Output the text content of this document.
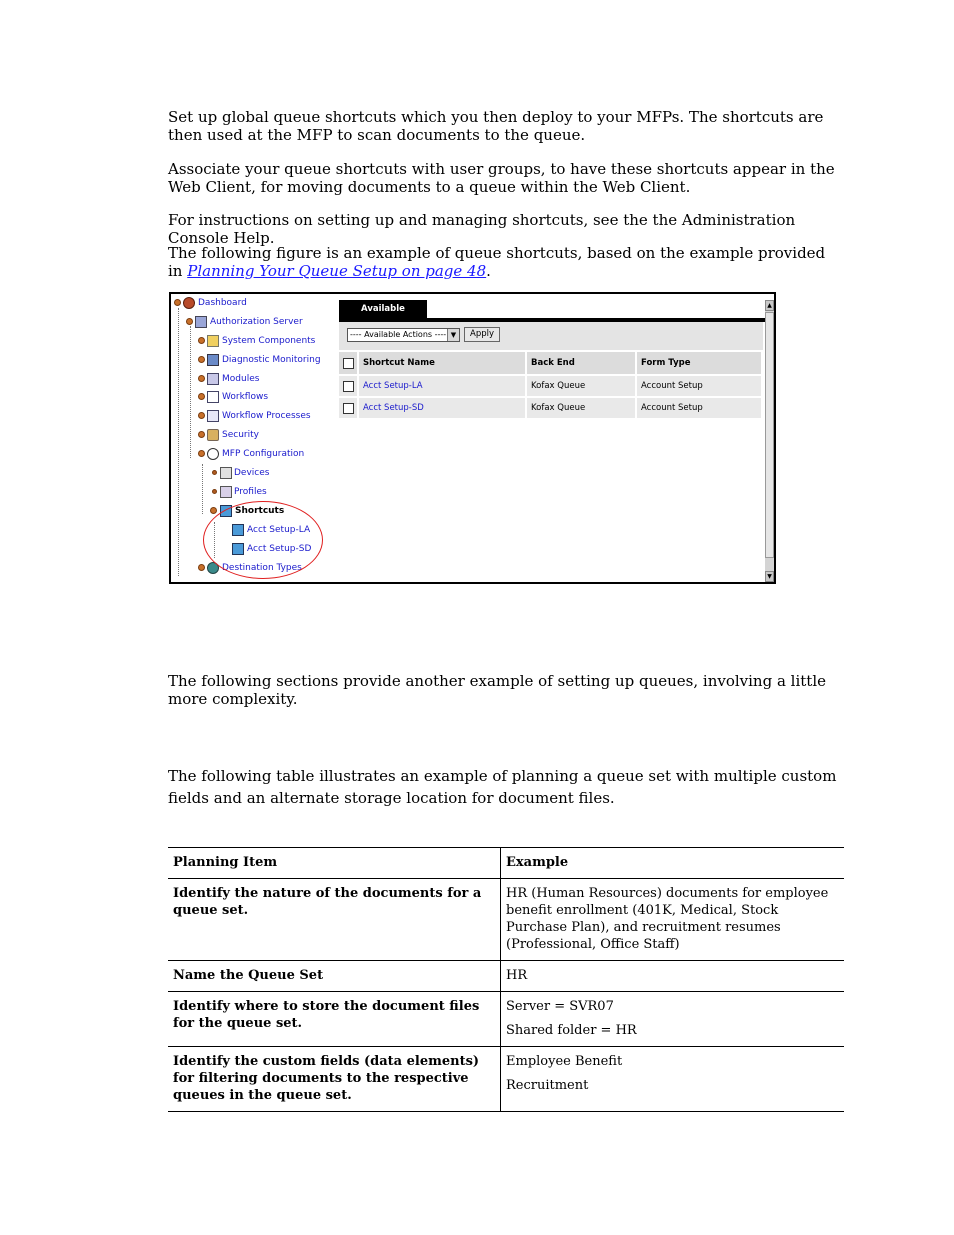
Set up global queue shortcuts which you then deploy to your MFPs. The shortcuts are then used at the MFP to scan documents to the queue.

Associate your queue shortcuts with user groups, to have these shortcuts appear in the Web Client, for moving documents to a queue within the Web Client.

For instructions on setting up and managing shortcuts, see the the Administration Console Help.

The following figure is an example of queue shortcuts, based on the example provided in Planning Your Queue Setup on page 48.

Dashboard
Authorization Server
System Components
Diagnostic Monitoring
Modules
Workflows
Workflow Processes
Security
MFP Configuration
Devices
Profiles
Shortcuts
Acct Setup-LA
Acct Setup-SD
Destination Types
Available
---- Available Actions ---- ▼	Apply
	Shortcut Name	Back End	Form Type
	Acct Setup-LA	Kofax Queue	Account Setup
	Acct Setup-SD	Kofax Queue	Account Setup
▲
▼

The following sections provide another example of setting up queues, involving a little more complexity.

The following table illustrates an example of planning a queue set with multiple custom fields and an alternate storage location for document files.

Planning Item	Example
Identify the nature of the documents for a queue set.	HR (Human Resources) documents for employee benefit enrollment (401K, Medical, Stock Purchase Plan), and recruitment resumes (Professional, Office Staff)

Name the Queue Set	HR

Identify where to store the document files for the queue set.	Server = SVR07

Shared folder = HR

Identify the custom fields (data elements) for filtering documents to the respective queues in the queue set.	Employee Benefit

Recruitment
